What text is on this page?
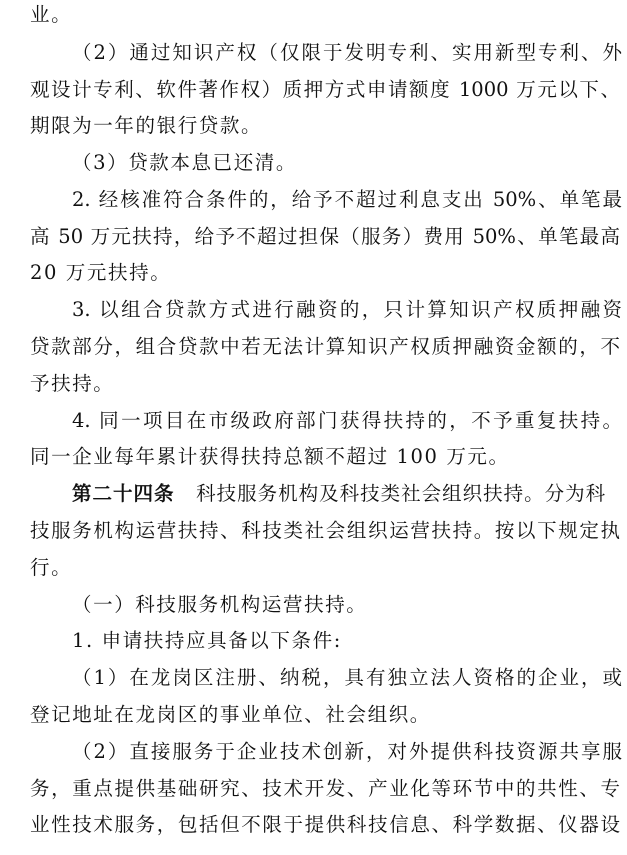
业。
（2）通过知识产权（仅限于发明专利、实用新型专利、外
观设计专利、软件著作权）质押方式申请额度 1000 万元以下、
期限为一年的银行贷款。
（3）贷款本息已还清。
2. 经核准符合条件的，给予不超过利息支出 50%、单笔最
高 50 万元扶持，给予不超过担保（服务）费用 50%、单笔最高
20 万元扶持。
3. 以组合贷款方式进行融资的，只计算知识产权质押融资
贷款部分，组合贷款中若无法计算知识产权质押融资金额的，不
予扶持。
4. 同一项目在市级政府部门获得扶持的，不予重复扶持。
同一企业每年累计获得扶持总额不超过 100 万元。
第二十四条 科技服务机构及科技类社会组织扶持。分为科
技服务机构运营扶持、科技类社会组织运营扶持。按以下规定执
行。
（一）科技服务机构运营扶持。
1. 申请扶持应具备以下条件:
（1）在龙岗区注册、纳税，具有独立法人资格的企业，或
登记地址在龙岗区的事业单位、社会组织。
（2）直接服务于企业技术创新，对外提供科技资源共享服
务，重点提供基础研究、技术开发、产业化等环节中的共性、专
业性技术服务，包括但不限于提供科技信息、科学数据、仪器设
